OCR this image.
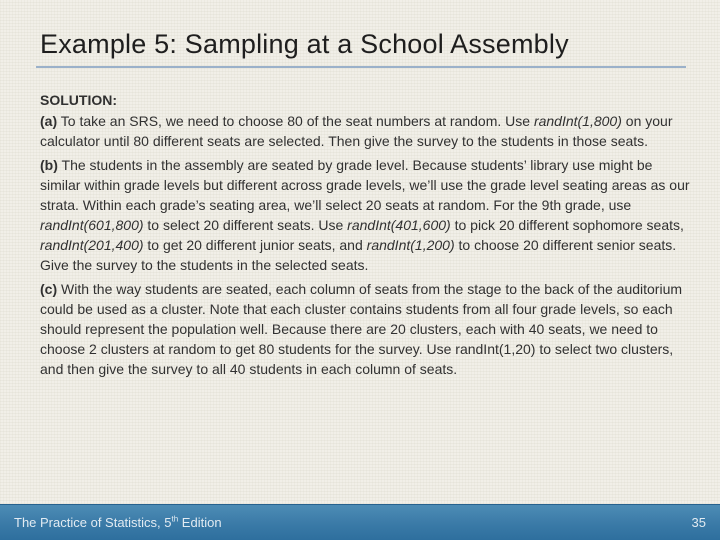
Example 5: Sampling at a School Assembly
SOLUTION:

(a) To take an SRS, we need to choose 80 of the seat numbers at random. Use randInt(1,800) on your calculator until 80 different seats are selected. Then give the survey to the students in those seats.

(b) The students in the assembly are seated by grade level. Because students’ library use might be similar within grade levels but different across grade levels, we’ll use the grade level seating areas as our strata. Within each grade’s seating area, we’ll select 20 seats at random. For the 9th grade, use randInt(601,800) to select 20 different seats. Use randInt(401,600) to pick 20 different sophomore seats, randInt(201,400) to get 20 different junior seats, and randInt(1,200) to choose 20 different senior seats. Give the survey to the students in the selected seats.

(c) With the way students are seated, each column of seats from the stage to the back of the auditorium could be used as a cluster. Note that each cluster contains students from all four grade levels, so each should represent the population well. Because there are 20 clusters, each with 40 seats, we need to choose 2 clusters at random to get 80 students for the survey. Use randInt(1,20) to select two clusters, and then give the survey to all 40 students in each column of seats.

The Practice of Statistics, 5th Edition	35
